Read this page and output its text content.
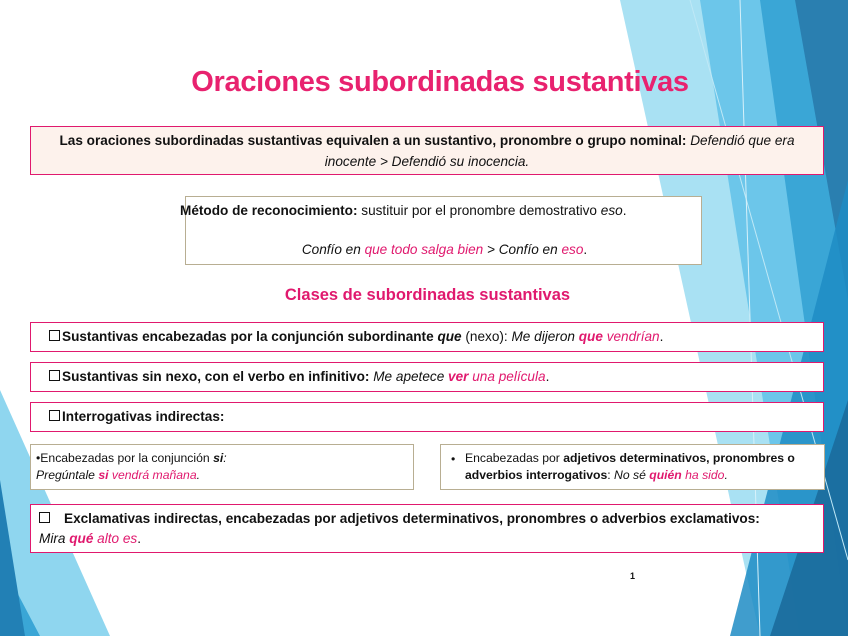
Oraciones subordinadas sustantivas
Las oraciones subordinadas sustantivas equivalen a un sustantivo, pronombre o grupo nominal: Defendió que era inocente > Defendió su inocencia.
Método de reconocimiento: sustituir por el pronombre demostrativo eso.
Confío en que todo salga bien > Confío en eso.
Clases de subordinadas sustantivas
Sustantivas encabezadas por la conjunción subordinante que (nexo): Me dijeron que vendrían.
Sustantivas sin nexo, con el verbo en infinitivo: Me apetece ver una película.
Interrogativas indirectas:
•Encabezadas por la conjunción si:
Pregúntale si vendrá mañana.
• Encabezadas por adjetivos determinativos, pronombres o adverbios interrogativos: No sé quién ha sido.
Exclamativas indirectas, encabezadas por adjetivos determinativos, pronombres o adverbios exclamativos:
Mira qué alto es.
1
